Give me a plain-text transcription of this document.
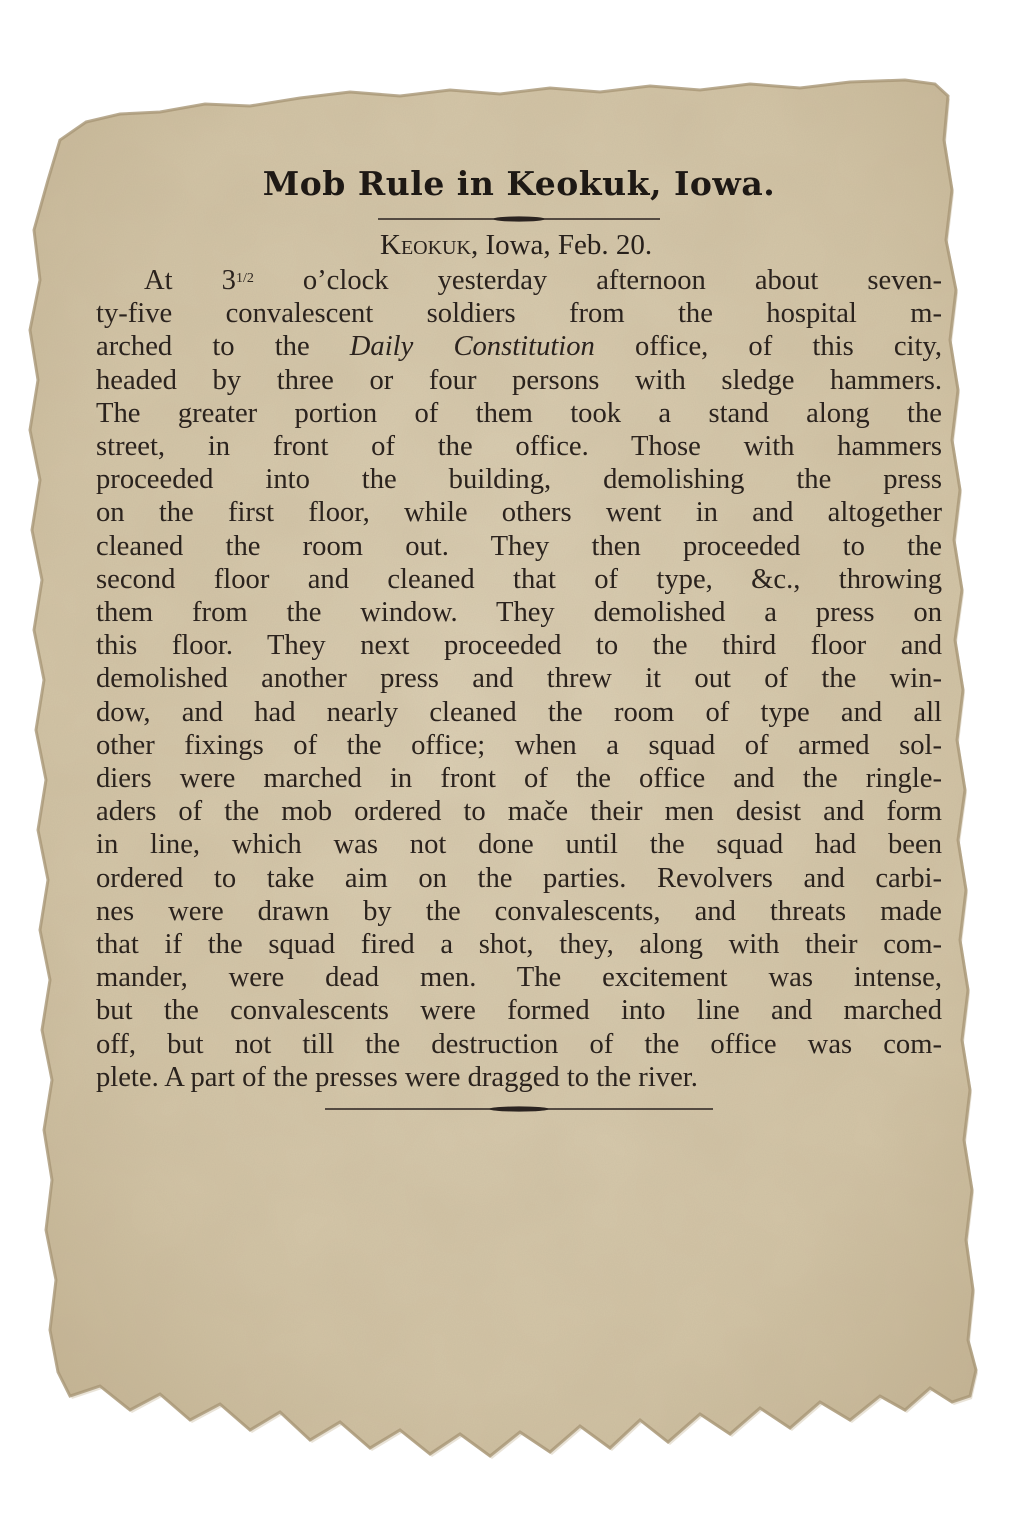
Mob Rule in Keokuk, Iowa.

Keokuk, Iowa, Feb. 20.

At 31/2 o’clock yesterday afternoon about seven-
ty-five convalescent soldiers from the hospital m-
arched to the Daily Constitution office, of this city,
headed by three or four persons with sledge hammers.
The greater portion of them took a stand along the
street, in front of the office. Those with hammers
proceeded into the building, demolishing the press
on the first floor, while others went in and altogether
cleaned the room out. They then proceeded to the
second floor and cleaned that of type, &c., throwing
them from the window. They demolished a press on
this floor. They next proceeded to the third floor and
demolished another press and threw it out of the win-
dow, and had nearly cleaned the room of type and all
other fixings of the office; when a squad of armed sol-
diers were marched in front of the office and the ringle-
aders of the mob ordered to mače their men desist and form
in line, which was not done until the squad had been
ordered to take aim on the parties. Revolvers and carbi-
nes were drawn by the convalescents, and threats made
that if the squad fired a shot, they, along with their com-
mander, were dead men. The excitement was intense,
but the convalescents were formed into line and marched
off, but not till the destruction of the office was com-
plete. A part of the presses were dragged to the river.
